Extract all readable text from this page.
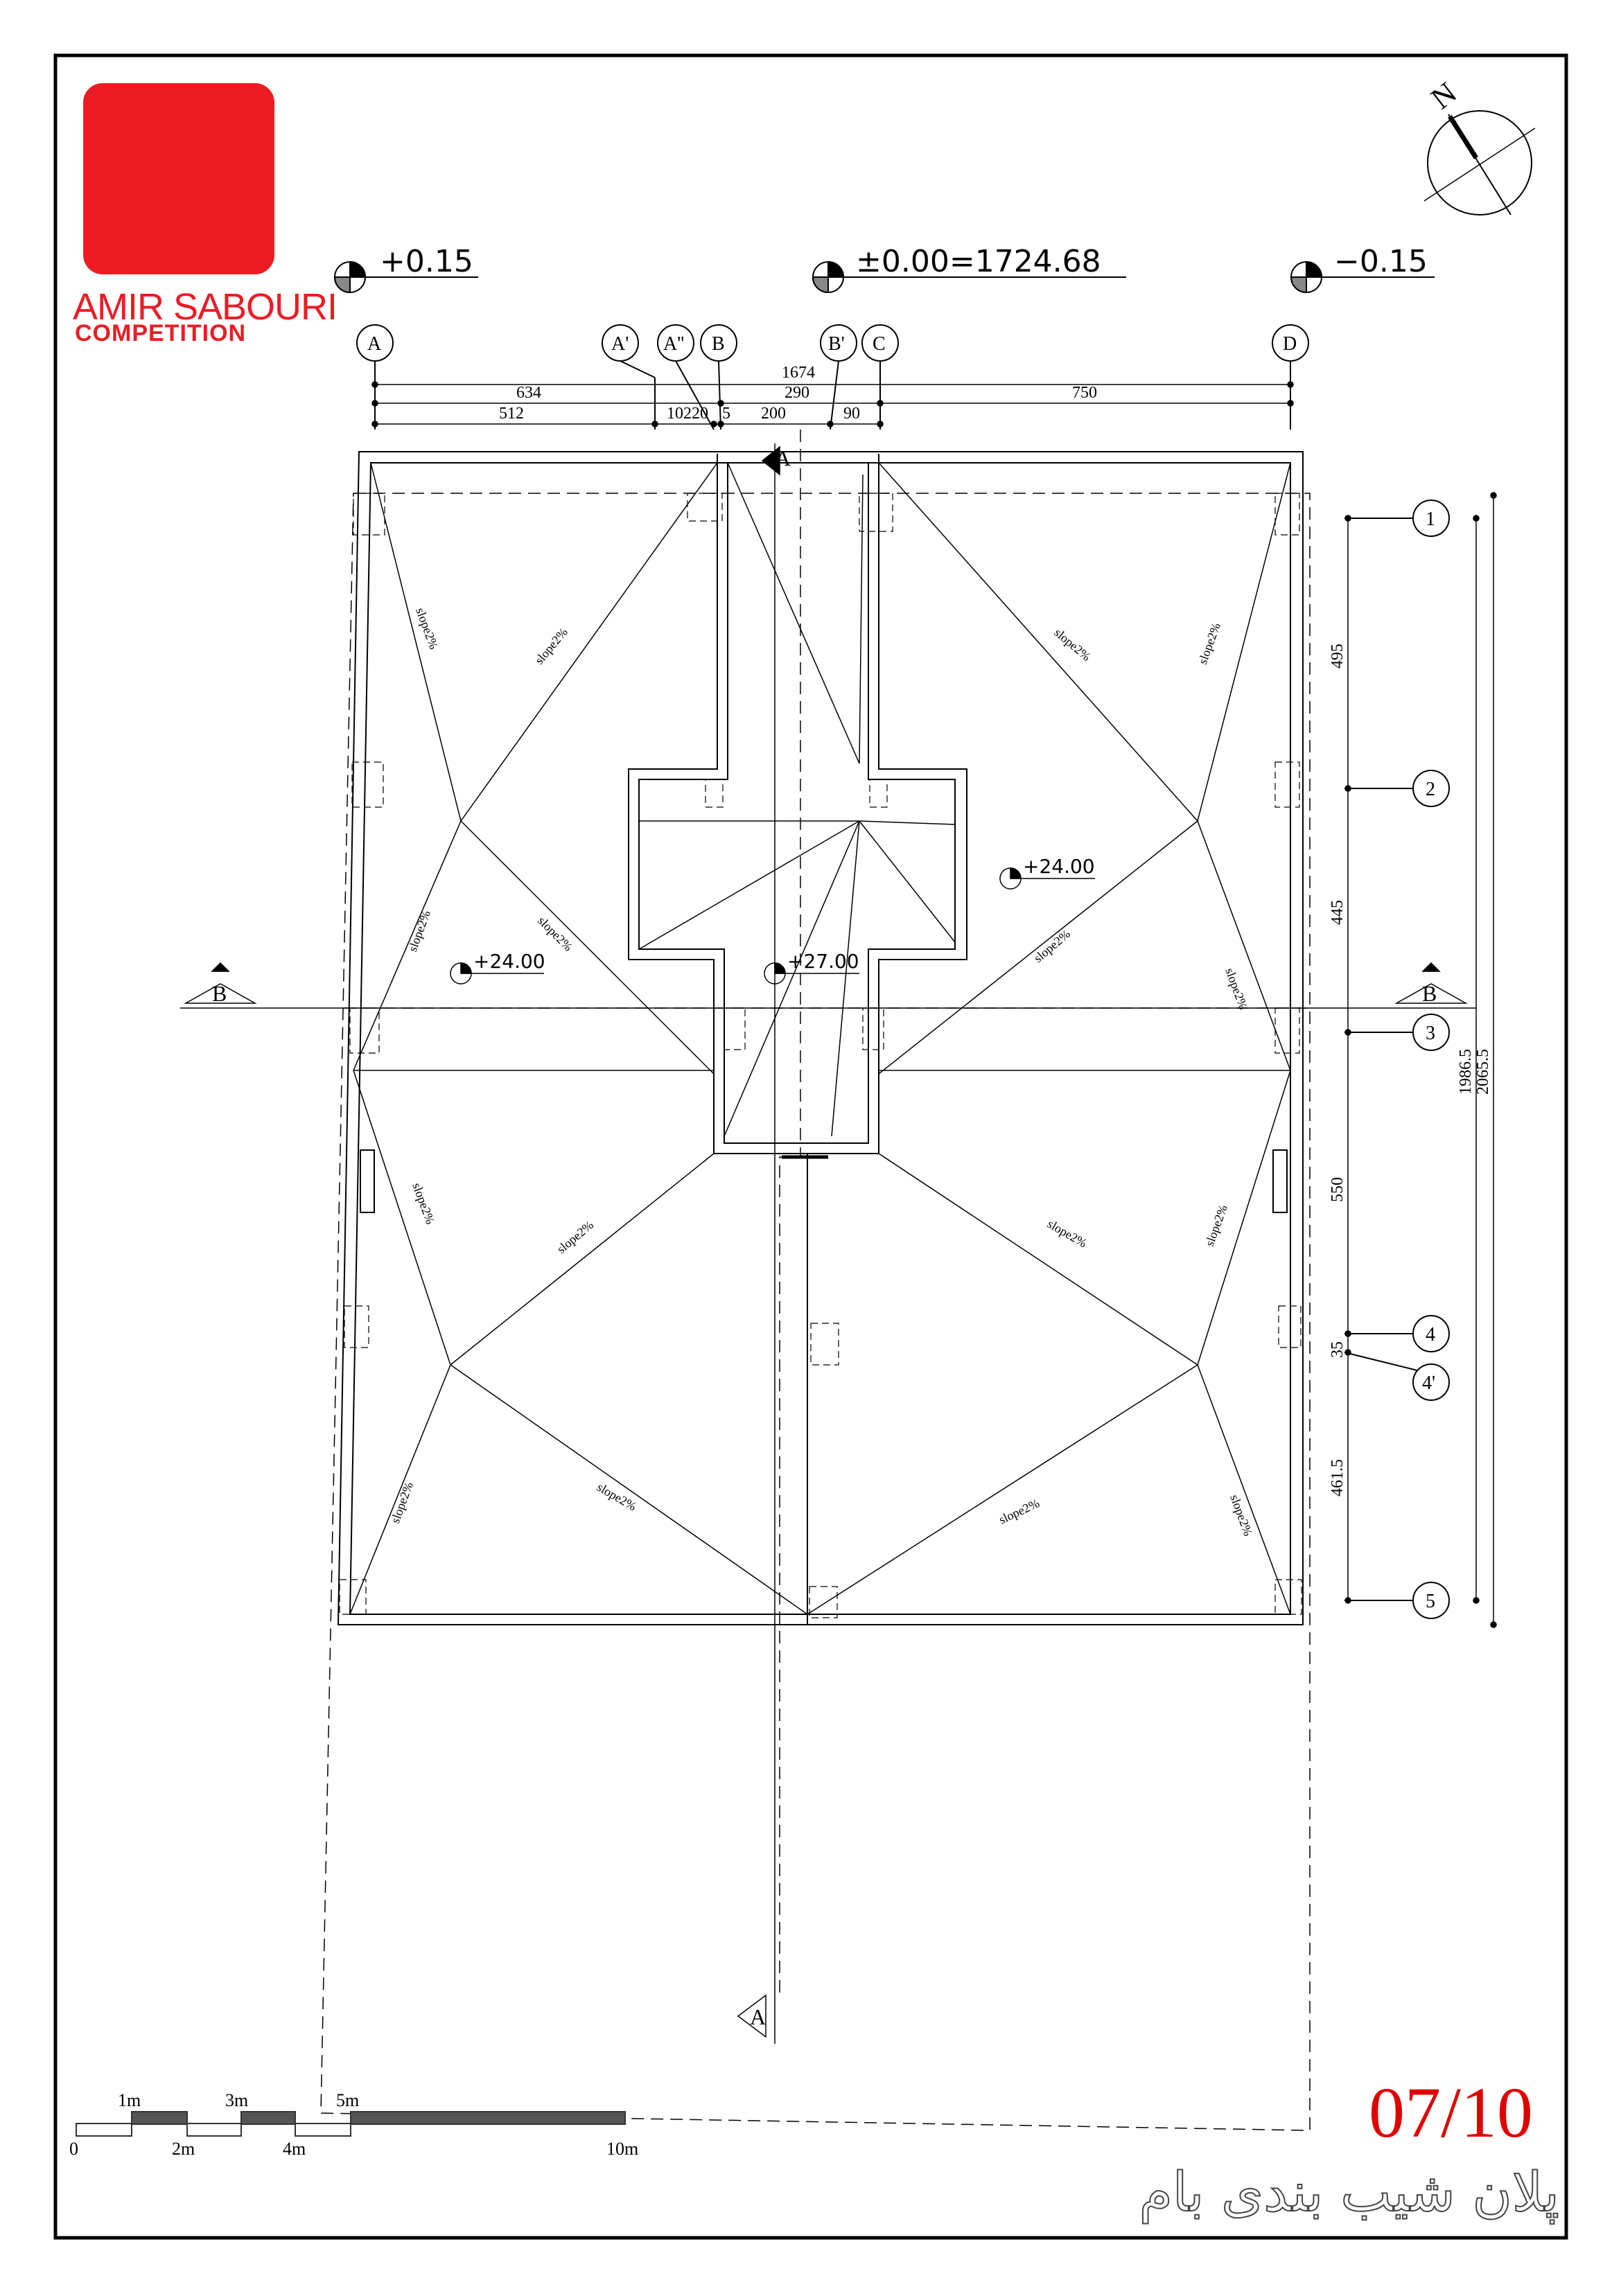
N
+0.15	±0.00=1724.68	−0.15
A	A' A'' B	B' C	D
1674
634	290	750
512	10220 5 200	90
slope2%	slope2%	slope2%	slope2%
slope2%	slope2%	slope2%
slope2%
slope2%
slope2%	slope2%	slope2%
slope2%	slope2%	slope2%	slope2%
+24.00
+24.00
+27.00
B	B
A
A
1
2
3
4
4'
5
495
445
550
35
461.5
1986.5 2065.5
1m	3m	5m
0	2m	4m	10m
AMIR SABOURI
COMPETITION
07/10
پلان شیب بندی بام
